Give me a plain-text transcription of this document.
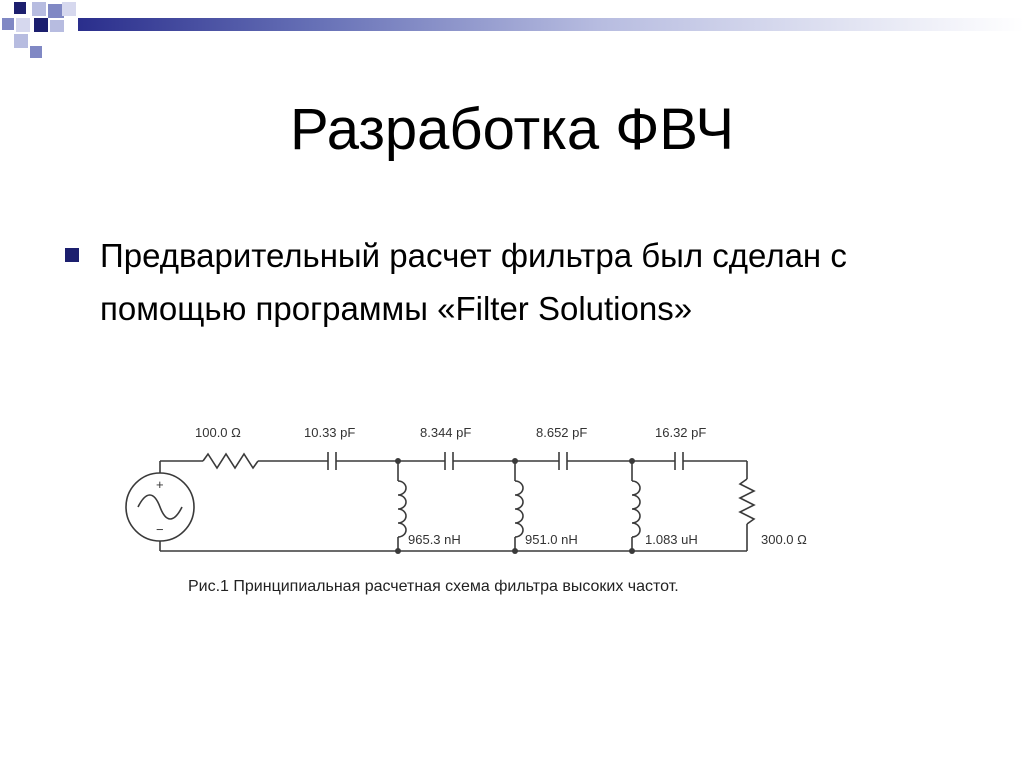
Разработка ФВЧ
Предварительный расчет фильтра был сделан с помощью программы «Filter Solutions»
+
−
100.0 Ω	10.33 pF	8.344 pF	8.652 pF	16.32 pF
965.3 nH	951.0 nH	1.083 uH	300.0 Ω
Рис.1 Принципиальная расчетная схема фильтра высоких частот.
